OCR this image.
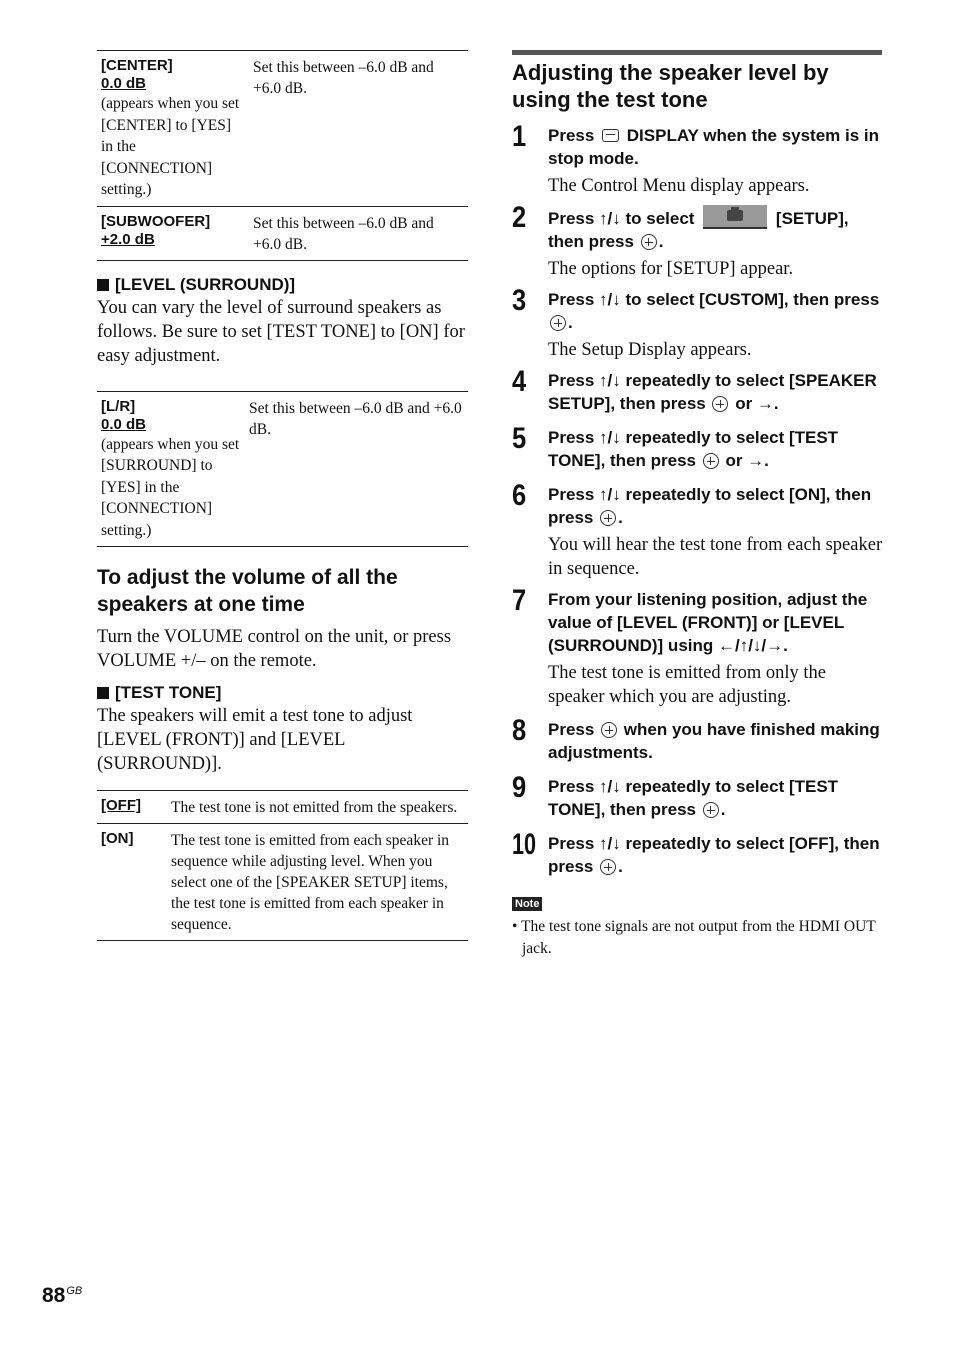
[CENTER]
0.0 dB
(appears when you set [CENTER] to [YES] in the [CONNECTION] setting.)	Set this between –6.0 dB and +6.0 dB.

[SUBWOOFER]
+2.0 dB	Set this between –6.0 dB and +6.0 dB.

[LEVEL (SURROUND)]

You can vary the level of surround speakers as follows. Be sure to set [TEST TONE] to [ON] for easy adjustment.

[L/R]
0.0 dB
(appears when you set [SURROUND] to [YES] in the [CONNECTION] setting.)
	Set this between –6.0 dB and +6.0 dB.
To adjust the volume of all the speakers at one time

Turn the VOLUME control on the unit, or press VOLUME +/– on the remote.

[TEST TONE]

The speakers will emit a test tone to adjust [LEVEL (FRONT)] and [LEVEL (SURROUND)].

[OFF]	The test tone is not emitted from the speakers.

[ON]	The test tone is emitted from each speaker in sequence while adjusting level. When you select one of the [SPEAKER SETUP] items, the test tone is emitted from each speaker in sequence.
Adjusting the speaker level by using the test tone
1 Press  DISPLAY when the system is in stop mode.

The Control Menu display appears.

2 Press ↑/↓ to select	[SETUP], then press .

The options for [SETUP] appear.

3 Press ↑/↓ to select [CUSTOM], then press .

The Setup Display appears.

4 Press ↑/↓ repeatedly to select [SPEAKER SETUP], then press  or →.

5 Press ↑/↓ repeatedly to select [TEST TONE], then press  or →.

6 Press ↑/↓ repeatedly to select [ON], then press .

You will hear the test tone from each speaker in sequence.

7 From your listening position, adjust the value of [LEVEL (FRONT)] or [LEVEL (SURROUND)] using ←/↑/↓/→.

The test tone is emitted from only the speaker which you are adjusting.

8 Press  when you have finished making adjustments.

9 Press ↑/↓ repeatedly to select [TEST TONE], then press .

10 Press ↑/↓ repeatedly to select [OFF], then press .

Note

• The test tone signals are not output from the HDMI OUT jack.

$88^{GB}$
